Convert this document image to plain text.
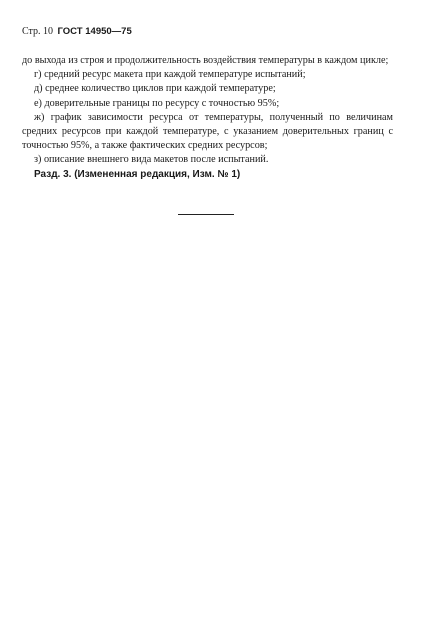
Стр. 10 ГОСТ 14950—75

до выхода из строя и продолжительность воздействия температуры в каждом цикле;

г) средний ресурс макета при каждой температуре испытаний;

д) среднее количество циклов при каждой температуре;

е) доверительные границы по ресурсу с точностью 95%;

ж) график зависимости ресурса от температуры, полученный по величинам средних ресурсов при каждой температуре, с указанием доверительных границ с точностью 95%, а также фактических средних ресурсов;

з) описание внешнего вида макетов после испытаний.

Разд. 3. (Измененная редакция, Изм. № 1)
